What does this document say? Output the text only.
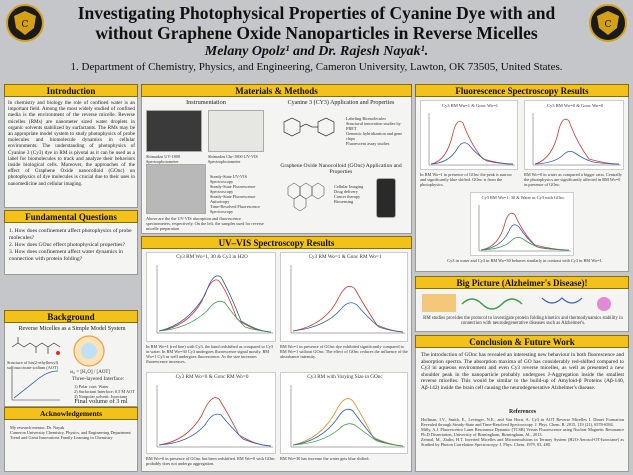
C	C
Investigating Photophysical Properties of Cyanine Dye with and
without Graphene Oxide Nanoparticles in Reverse Micelles
Melany Opolz¹ and Dr. Rajesh Nayak¹.
1. Department of Chemistry, Physics, and Engineering, Cameron University, Lawton, OK 73505, United States.
Introduction
In chemistry and biology the role of confined water is an important field. Among the most widely studied of confined media is the environment of the reverse micelle. Reverse micelles (RMs) are nanometer sized water droplets in organic solvents stabilized by surfactants. The RMs may be an appropriate model system to study photophysics of probe molecules and biomolecule dynamics in cellular environments. The understanding of photophysics of Cyanine 3 (Cy3) dye in RM is pivotal as it can be used as a label for biomolecules to track and analyze their behaviors inside biological cells. Moreover, the approaches of the effect of Graphene Oxide nanocolloid (GOnc) on photophysics of dye molecules is crucial due to their uses in nanomedicine and cellular imaging.
Fundamental Questions
1. How does confinement affect photophysics of probe molecules?
2. How does GOnc effect photophysical properties?
3. How does confinement affect water dynamics in connection with protein folding?
Background
Reverse Micelles as a Simple Model System
Structure of bis(2-ethylhexyl) sulfosuccinate sodium (AOT)
ω₀ = [H₂O] / [AOT]
Three-layered Interface:
1) Polar core: Water
2) Surfactant Interface: 0.5 M AOT
3) Nonpolar solvent: Isooctane
Final volume of 3 ml
Acknowledgements
My research mentor, Dr. Nayak
Cameron University Chemistry, Physics, and Engineering Department
Trend and Great Innovations Family Learning in Chemistry
Materials & Methods
Instrumentation
Shimadzu UV-1800 Spectrophotometer
Shimadzu Chr-1800 UV-VIS Spectrophotometer
Steady-State UV-VIS Spectroscopy
Steady-State Fluorescence Spectroscopy
Steady-State Fluorescence Anisotropy
Time-Resolved Fluorescence Spectroscopy
Above are the the UV-VIS absorption and fluorescence spectrometers, respectively. On the left, the samples used for reverse micelle preparation
Cyanine 3 (CY3) Application and Properties
Labeling Biomolecules
Structural innovation studies by FRET
Genomic hybridization and gene chips
Fluorescent assay studies
Graphene Oxide Nanocolloid (GOnc) Application and Properties
Cellular Imaging
Drug delivery
Cancer therapy
Biosensing
UV–VIS Spectroscopy Results
Cy3 RM Wo=1, 30 & Cy3 in H2O
In RM Wo=1 (red line) with Cy3, the band redshifted as compared to Cy3 in water. In RM Wo=30 Cy3 undergoes fluorescence signal mostly. RM Wo=1 Cy3 as well undergoes fluorescence. As the size increases fluorescence increases.
Cy3 RM Wo=1 & Gonc RM Wo=1
RM Wo=1 in presence of GOnc dye exhibited significantly compared to RM Wo=1 without GOnc. The effect of GOnc reduces the influence of the absorbance intensity.
Cy3 RM Wo=0 & Gonc RM Wo=0
RM Wo=0 in presence of GOnc has been redshifted. RM Wo=0 with GOnc probably does not undergo aggregation.
Cy3 RM with Varying Size in GOnc
RM Wo=30 has increase the water gets blue shifted.
Fluorescence Spectroscopy Results
Cy3 RM Wo=1 & Gonc Wo=1
In RM Wo=1 in presence of GOnc the peak is narrow and significantly blue shifted. GOnc is from the photophysics.
Cy3 RM Wo=0 & Gonc Wo=0
RM Wo=0 in water as compared a bigger ratio. Centrally the photophysics are significantly affected in RM Wo=0 in presence of GOnc.
Cy3 RM Wo=1, 30 & Water in Cy3 with GOnc
Cy3 in water and Cy3 in RM Wo=30 behaves similarly in contrast with Cy3 in RM Wo=1.
Big Picture (Alzheimer's Disease)!
RM studies provides the protocol to investigate protein folding kinetics and thermodynamics stability in connection with neurodegenerative diseases such as Alzheimer's.
Conclusion & Future Work
The introduction of GOnc has revealed an interesting new behaviour in both fluorescence and absorption spectra. The absorption maxima of GO has considerably red-shifted compared to Cy3 in aqueous environment and even Cy3 reverse micelles, as well as presented a new shoulder peak in the nanoparticle probably undergoes J-Aggregation inside the smallest reverse micelles. This would be similar to the build-up of Amyloid-β Proteins (Aβ-140, Aβ-142) inside the brain cell causing the neurodegenerative Alzheimer's disease.
References
Hoffman, I.V., Smith, E., Levinger, N.E., and Van Horn, A. Cy3 in AOT Reverse Micelles I. Dimer Formation Revealed through Steady-State and Time-Resolved Spectroscopy. J. Phys. Chem. B. 2015, 119 (21), 6578-6584.
Milly, A.J. Fluorescence Laser Resonance Dynamic (TCSR) Versus Fluorescence using Nuclear Magnetic Resonance Ph.D Dissertation, University of Birmingham, Birmingham, AL, 2013.
Zeimal, M., Zialin, H.T. Inverted Micelles and Microemulsions in Ternary System (H2O-Aerosol-OT-Isooctane) as Studied by Photon Correlation Spectroscopy. J. Phys. Chem. 1979, 83, 480.
